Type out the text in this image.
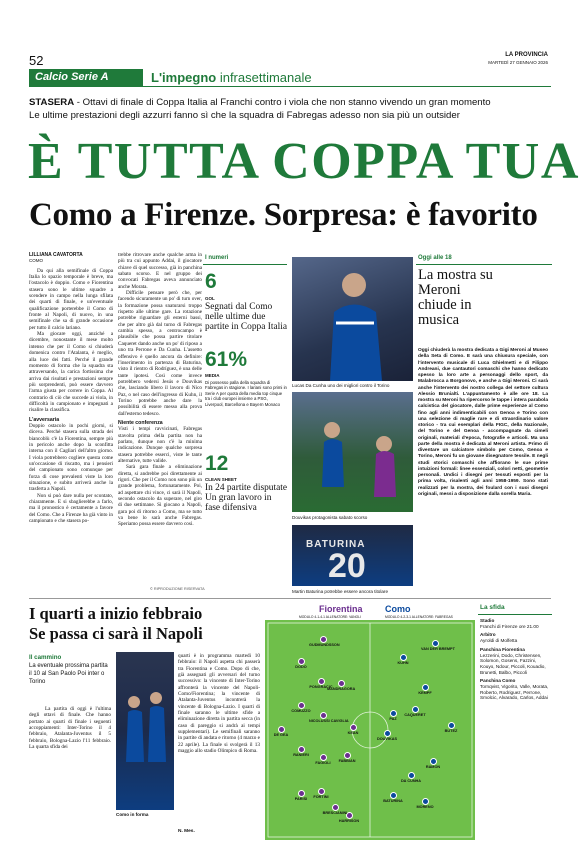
52	LA PROVINCIA
MARTEDÌ 27 GENNAIO 2026
Calcio Serie A	L'impegno infrasettimanale
STASERA - Ottavi di finale di Coppa Italia al Franchi contro i viola che non stanno vivendo un gran momento
Le ultime prestazioni degli azzurri fanno sì che la squadra di Fabregas adesso non sia più un outsider
È TUTTA COPPA TUA
Como a Firenze. Sorpresa: è favorito
LILLIANA CAVATORTA
COMO
Da qui alla semifinale di Coppa Italia lo spazio temporale è breve, ma l'ostacolo è doppio. Como e Fiorentina stasera sono le ultime squadre a scendere in campo nella lunga sfilata dei quarti di finale, e un'eventuale qualificazione porterebbe il Como di fronte al Napoli, di nuovo, in una semifinale che sa di grande occasione per tutto il calcio lariano.
Ma giocare oggi, anziché a dicembre, nonostante il mese molto intenso che per il Como si chiuderà domenica contro l'Atalanta, è meglio, alla luce dei fatti. Perché il grande momento di forma che la squadra sta attraversando, la carica fortissima che arriva dai risultati e prestazioni sempre più sorprendenti, può essere davvero l'arma giusta per correre in Coppa. Al contrario di ciò che succede ai viola, in difficoltà in campionato e impegnati a risalire la classifica.
L'avversaria
Doppio ostacolo in pochi giorni, si diceva. Perché stasera sulla strada dei biancoblù c'è la Fiorentina, sempre più in pericolo anche dopo la sconfitta interna con il Cagliari dell'altro giorno. I viola potrebbero cogliere questa come un'occasione di riscatto, ma i pensieri del campionato sono comunque per forza di cose prevalenti viste la loro situazione, e subito arriverà anche la trasferta a Napoli.
Non si può dare nulla per scontato, chiaramente. E si sbaglierebbe a farlo, ma il pronostico è certamente a favore del Como. Che a Firenze ha già vinto in campionato e che stasera po-
trebbe ritrovare anche qualche arma in più tra cui appunto Addai, il giocatore chiave di quel successo, già in panchina sabato scorso. E nel gruppo dei convocati Fabregas aveva annunciato anche Morata.
Difficile pensare però che, per facendo sicuramente un po' di turn over, la formazione possa snaturarsi troppo rispetto alle ultime gare. La rotazione potrebbe riguardare gli esterni bassi, che per altro già dal turno di Fabregas cambia spesso, a centrocampo è plausibile che possa partire titolare Caqueret dando anche un po' di riposo a uno tra Perrone e Da Cunha. L'assetto offensivo è quello ancora da definire: l'inserimento in partenza di Baturina, visto il rientro di Rodríguez, è una delle tante ipotesi. Così come invece potrebbero vedersi Jesús e Douvikas che, lasciando libero il lavoro di Nico Paz, o nel caso dell'ingresso di Kuhn, il Torino potrebbe anche dare la possibilità di essere messo alla prova dall'esterno tedesco.
Niente conferenza
Visti i tempi ravvicinati, Fabregas stavolta prima della partita non ha parlato, dunque non c'è la minima indicazione. Dunque qualche sorpresa stasera potrebbe esserci, viste le tante alternative, tutte valide.
Sarà gara finale a eliminazione diretta, si andrebbe poi direttamente ai rigori. Che per il Como non sono più un grande problema, fortunatamente. Poi, ad aspettare chi vince, ci sarà il Napoli, secondo ostacolo da superare, nel giro di due settimane. Si giocano a Napoli, gara poi di ritorno a Como, ma se tutto va bene lo sarà anche Fabregas. Speriamo possa essere davvero così.
© RIPRODUZIONE RISERVATA
I numeri
6
GOL
Segnati dal Como nelle ultime due partite in Coppa Italia
61%
MEDIA
Di possesso palla della squadra di Fabregas in stagione. I lariani sono primi in Serie A per quota della media top cinque tra i club europei insieme a PSG, Liverpool, Barcellona e Bayern Monaco
12
CLEAN SHEET
In 24 partite disputate Un gran lavoro in fase difensiva
Lucas Da Cunha uno dei migliori contro il Torino
Douvikas protagonista sabato scorso
BATURINA
20
Martin Baturina potrebbe essere ancora titolare
Oggi alle 18
La mostra su Meroni chiude in musica
Oggi chiuderà la mostra dedicata a Gigi Meroni al Museo della Seta di Como. E sarà una chiusura speciale, con l'intervento musicale di Luca Ghielmetti e di Filippo Andreani, due cantautori comaschi che hanno dedicato spesso la loro arte a personaggi dello sport, da Malabrocca a Borgonovo, e anche a Gigi Meroni. Ci sarà anche l'intervento dei nostro collega del settore cultura Alessio Brunialti. L'appuntamento è alle ore 18. La mostra su Meroni ha ripercorso le tappe i intera parabola calcistica del giocatore, dalle prime esperienze al Como fino agli anni indimenticabili con Genoa e Torino con una selezione di maglie rare e di straordinario valore storico - tra cui esemplari della FIGC, della Nazionale, del Torino e del Genoa - accompagnate da cimeli originali, materiali d'epoca, fotografie e articoli. Ma una parte della mostra è dedicata al Meroni artista. Primo di diventare un calciatore simbolo per Como, Genoa e Torino, Meroni fu un giovane disegnatore tessile. E negli studi storici comaschi che affiorano le sue prime intuizioni formali: linee essenziali, colori netti, geometrie personali. Undici i disegni per tessuti esposti per la prima volta, risalenti agli anni 1958-1959. Sono stati realizzati per la mostra, dei foulard con i suoi disegni originali, messi a disposizione dalla sorella Maria.
I quarti a inizio febbraio
Se passa ci sarà il Napoli
Il cammino
La eventuale prossima partita il 10 al San Paolo Poi inter o Torino
Como in forma
La partita di oggi è l'ultima degli ottavi di finale. Che hanno portato ai quarti di finale i seguenti accoppiamenti: Inter-Torino il 4 febbraio, Atalanta-Juventus il 5 febbraio, Bologna-Lazio l'11 febbraio. La quarta sfida dei
quarti è in programma martedì 10 febbraio: il Napoli aspetta chi passerà tra Fiorentina e Como. Dopo di che, già assegnati gli avversari del turno successivo: la vincente di Inter-Torino affronterà la vincente del Napoli-Como/Fiorentina; la vincente di Atalanta-Juventus incontrerà la vincente di Bologna-Lazio. I quarti di finale saranno le ultime sfide a eliminazione diretta in partita secca (in caso di pareggio si andrà ai tempi supplementari). Le semifinali saranno in partite di andata e ritorno (4 marzo e 22 aprile). La finale si svolgerà il 13 maggio allo stadio Olimpico di Roma.
N. Mes.
Fiorentina Como
MODULO 4-1-4-1 ALLENATORE: VANOLI	MODULO 4-2-3-1 ALLENATORE: FABREGAS
DE GEA
DODO
COMUZZO
RANIERI
PARISI
GUDMUNDSSON
PONGRACIC
NICOLUSSI CAVIGLIA
MANDRAGORA
FAGIOLI	FABBIAN
FORTINI
HARRISON
BRESCIANINI
KEAN	BUTEZ
VAN DER BREMPT
KEMPF
RAMON
MORENO
KUHN
CAQUERET
PAZ
DOUVIKAS
DA CUNHA
BATURINA
La sfida
Stadio
Franchi di Firenze ore 21.00
Arbitro
Ayroldi di Molfetta
Panchina Fiorentina
Lezzerini, Dodo, Christensen, Solomon, Gosens, Fazzini, Kouyo, Ndour, Piccoli, Kouadio, Brunetti, Balbo, Piccoli
Panchina Como
Tornqvist, Vigorito, Valle, Morata, Roberto, Rodriguez, Perrone, Smolcic, Alvarado, Carlos, Addai
